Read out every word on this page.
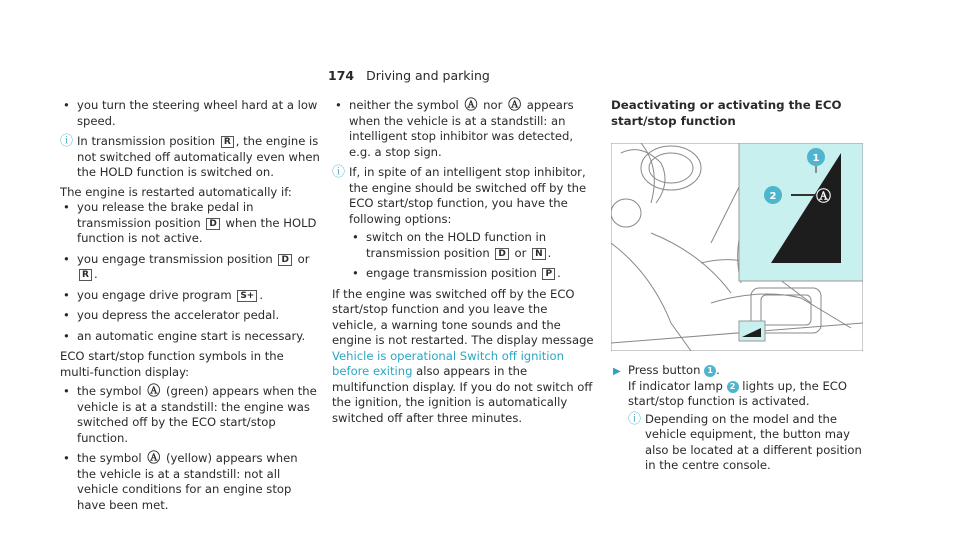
174 Driving and parking

• you turn the steering wheel hard at a low speed.

ⓘ In transmission position R , the engine is not switched off automatically even when the HOLD function is switched on.

The engine is restarted automatically if:

• you release the brake pedal in transmission position D when the HOLD function is not active.

• you engage transmission position D or R .

• you engage drive program S+ .

• you depress the accelerator pedal.

• an automatic engine start is necessary.

ECO start/stop function symbols in the multi-function display:

• the symbol Ⓐ (green) appears when the vehicle is at a standstill: the engine was switched off by the ECO start/stop function.

• the symbol Ⓐ (yellow) appears when the vehicle is at a standstill: not all vehicle conditions for an engine stop have been met.

• neither the symbol Ⓐ nor Ⓐ appears when the vehicle is at a standstill: an intelligent stop inhibitor was detected, e.g. a stop sign.

ⓘ If, in spite of an intelligent stop inhibitor, the engine should be switched off by the ECO start/stop function, you have the following options:

• switch on the HOLD function in transmission position D or N .

• engage transmission position P .

If the engine was switched off by the ECO start/stop function and you leave the vehicle, a warning tone sounds and the engine is not restarted. The display message Vehicle is operational Switch off ignition before exiting also appears in the multifunction display. If you do not switch off the ignition, the ignition is automatically switched off after three minutes.

Deactivating or activating the ECO start/stop function
Ⓐ
1
2

▶ Press button 1 .
If indicator lamp 2 lights up, the ECO start/stop function is activated.

ⓘ Depending on the model and the vehicle equipment, the button may also be located at a different position in the centre console.
